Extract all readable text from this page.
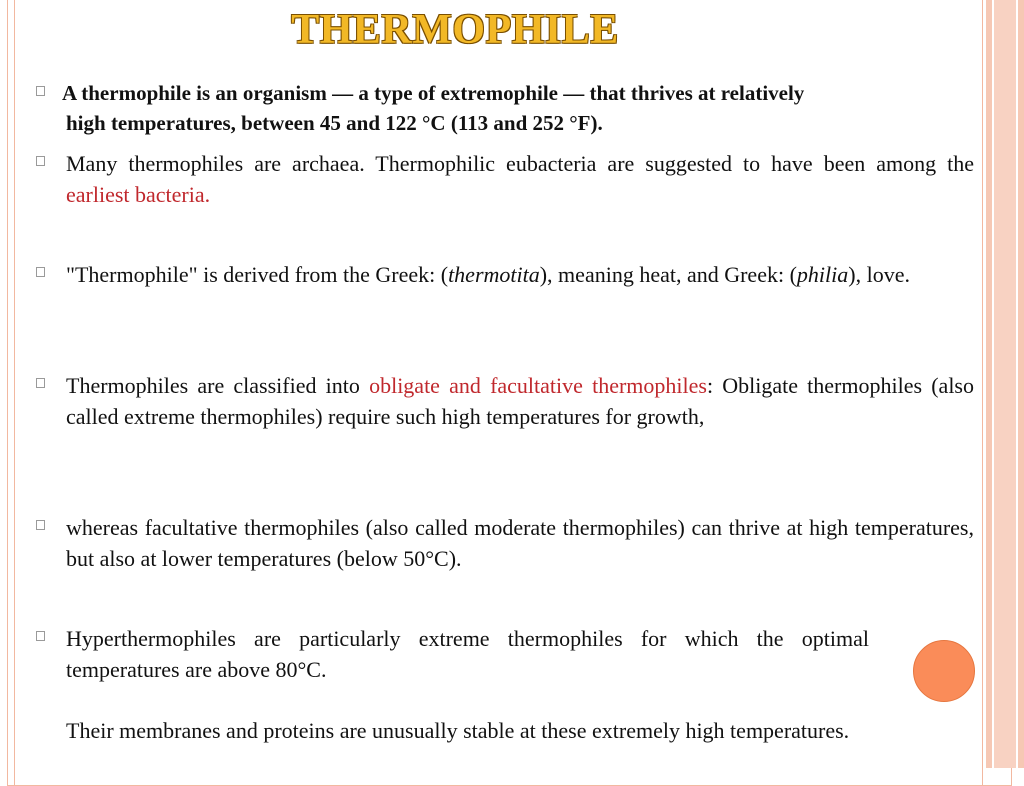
THERMOPHILE
A thermophile is an organism — a type of extremophile — that thrives at relatively
high temperatures, between 45 and 122 °C (113 and 252 °F).
Many thermophiles are archaea. Thermophilic eubacteria are suggested to have been among the earliest bacteria.
"Thermophile" is derived from the Greek: (thermotita), meaning heat, and Greek: (philia), love.
Thermophiles are classified into obligate and facultative thermophiles: Obligate thermophiles (also called extreme thermophiles) require such high temperatures for growth,
whereas facultative thermophiles (also called moderate thermophiles) can thrive at high temperatures, but also at lower temperatures (below 50°C).
Hyperthermophiles are particularly extreme thermophiles for which the optimal temperatures are above 80°C.
Their membranes and proteins are unusually stable at these extremely high temperatures.
